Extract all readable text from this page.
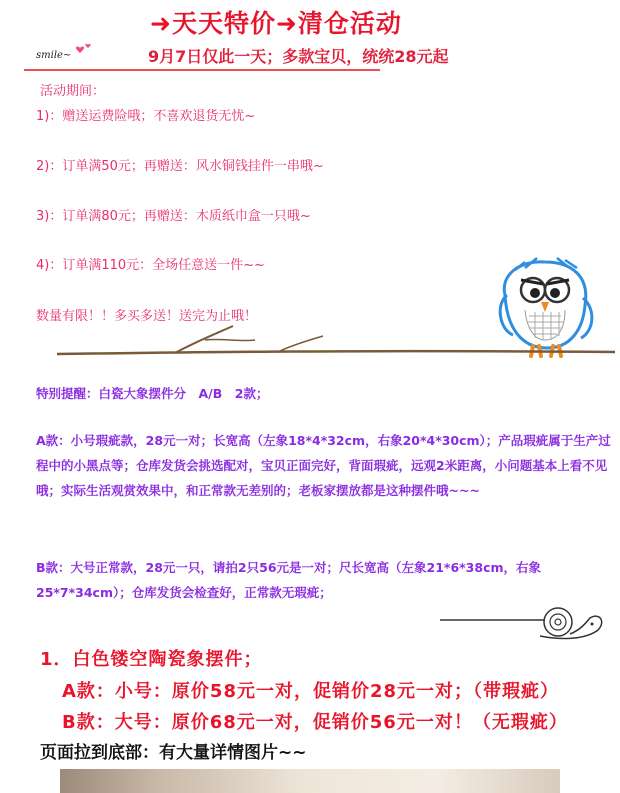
➜天天特价➜清仓活动
smile~	9月7日仅此一天；多款宝贝，统统28元起
活动期间：
1)：赠送运费险哦；不喜欢退货无忧~
2)：订单满50元；再赠送：风水铜钱挂件一串哦~
3)：订单满80元；再赠送：木质纸巾盒一只哦~
4)：订单满110元：全场任意送一件~~
数量有限！！多买多送！送完为止哦！
特别提醒：白瓷大象摆件分　A/B　2款；
A款：小号瑕疵款，28元一对；长宽高（左象18*4*32cm，右象20*4*30cm）；产品瑕疵属于生产过程中的小黑点等；仓库发货会挑选配对，宝贝正面完好，背面瑕疵，远观2米距离，小问题基本上看不见哦；实际生活观赏效果中，和正常款无差别的；老板家摆放都是这种摆件哦~~~
B款：大号正常款，28元一只，请拍2只56元是一对；尺长宽高（左象21*6*38cm，右象25*7*34cm）；仓库发货会检查好，正常款无瑕疵；
1．白色镂空陶瓷象摆件；
A款：小号：原价58元一对，促销价28元一对；（带瑕疵）
B款：大号：原价68元一对，促销价56元一对！（无瑕疵）
页面拉到底部：有大量详情图片~~
